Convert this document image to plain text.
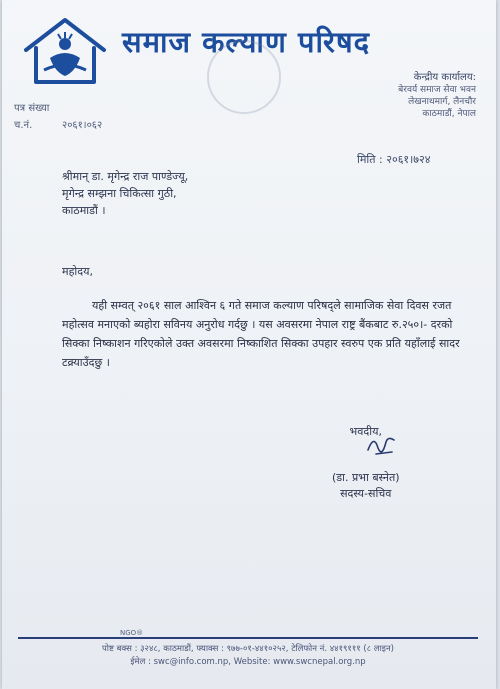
समाज कल्याण परिषद
केन्द्रीय कार्यालय:
बेरवर्य समाज सेवा भवन
लेखनाथमार्ग, लैनचौर
काठमाडौं, नेपाल
पत्र संख्या
च.नं.	२०६१।०६२
मिति : २०६१।७२४
श्रीमान् डा. मृगेन्द्र राज पाण्डेज्यू,
मृगेन्द्र सम्झना चिकित्सा गुठी,
काठमाडौं ।
महोदय,

यही सम्वत् २०६१ साल आश्विन ६ गते समाज कल्याण परिषद्ले सामाजिक सेवा दिवस रजत महोत्सव मनाएको ब्यहोरा सविनय अनुरोध गर्दछु । यस अवसरमा नेपाल राष्ट्र बैंकबाट रु.२५०।- दरको सिक्का निष्काशन गरिएकोले उक्त अवसरमा निष्काशित सिक्का उपहार स्वरुप एक प्रति यहाँलाई सादर टक्र्याउँदछु ।

भवदीय,
(डा. प्रभा बस्नेत)
सदस्य-सचिव
NGO®
पोष्ट बक्स : ३२४८, काठमाडौं, फ्याक्स : ९७७-०१-४४१०२५२, टेलिफोन नं. ४४१९१११ (८ लाइन)
ईमेल : swc@info.com.np, Website: www.swcnepal.org.np
